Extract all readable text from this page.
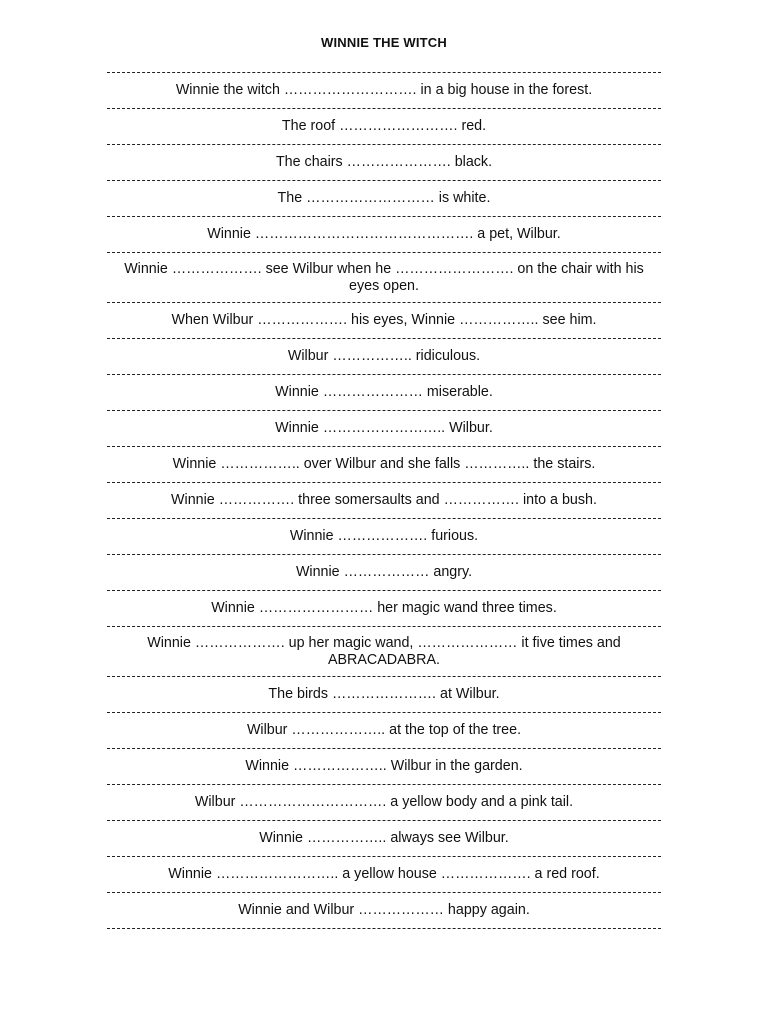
WINNIE THE WITCH
Winnie the witch ………………………. in a big house in the forest.
The roof ……………………. red.
The chairs …………………. black.
The ……………………… is white.
Winnie ………………………………………. a pet, Wilbur.
Winnie ………………. see Wilbur when he ……………………. on the chair with his eyes open.
When Wilbur ………………. his eyes, Winnie …………….. see him.
Wilbur …………….. ridiculous.
Winnie ………………… miserable.
Winnie …………………….. Wilbur.
Winnie …………….. over Wilbur and she falls ………….. the stairs.
Winnie ……………. three somersaults and ……………. into a bush.
Winnie ………………. furious.
Winnie ……………… angry.
Winnie …………………… her magic wand three times.
Winnie ………………. up her magic wand, ………………… it five times and ABRACADABRA.
The birds …………………. at Wilbur.
Wilbur ……………….. at the top of the tree.
Winnie ……………….. Wilbur in the garden.
Wilbur …………………………. a yellow body and a pink tail.
Winnie …………….. always see Wilbur.
Winnie …………………….. a yellow house ………………. a red roof.
Winnie and Wilbur ……………… happy again.
